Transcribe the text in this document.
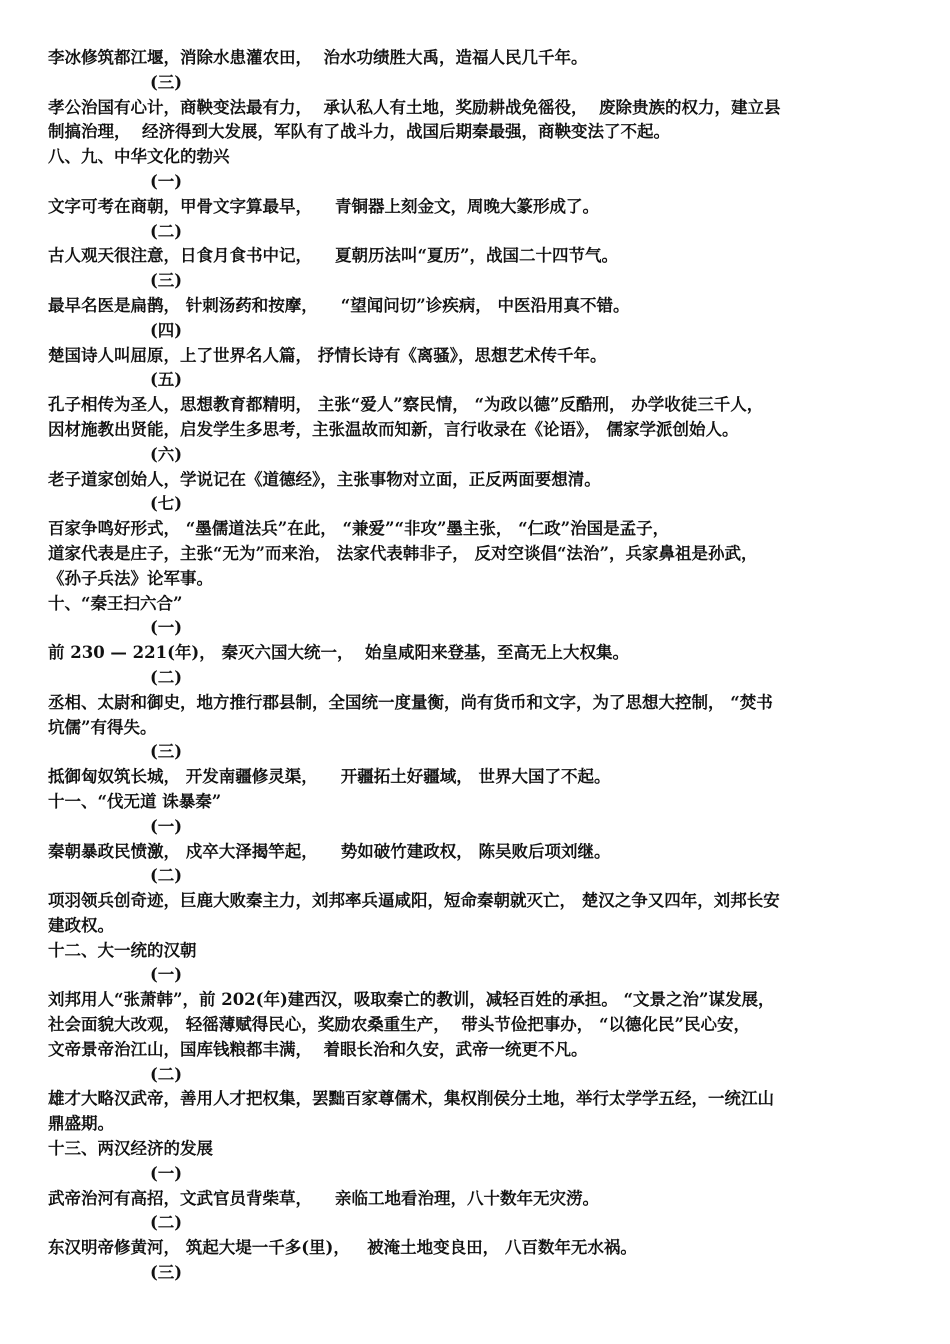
李冰修筑都江堰，消除水患灌农田，  治水功绩胜大禹，造福人民几千年。
(三)
孝公治国有心计，商鞅变法最有力，  承认私人有土地，奖励耕战免徭役，  废除贵族的权力，建立县
制搞治理，  经济得到大发展，军队有了战斗力，战国后期秦最强，商鞅变法了不起。
八、九、中华文化的勃兴
(一)
文字可考在商朝，甲骨文字算最早，    青铜器上刻金文，周晚大篆形成了。
(二)
古人观天很注意，日食月食书中记，    夏朝历法叫“夏历”，战国二十四节气。
(三)
最早名医是扁鹊， 针刺汤药和按摩，    “望闻问切”诊疾病， 中医沿用真不错。
(四)
楚国诗人叫屈原，上了世界名人篇， 抒情长诗有《离骚》，思想艺术传千年。
(五)
孔子相传为圣人，思想教育都精明， 主张“爱人”察民情， “为政以德”反酷刑， 办学收徒三千人，
因材施教出贤能，启发学生多思考，主张温故而知新，言行收录在《论语》， 儒家学派创始人。
(六)
老子道家创始人，学说记在《道德经》，主张事物对立面，正反两面要想清。
(七)
百家争鸣好形式， “墨儒道法兵”在此， “兼爱”“非攻”墨主张， “仁政”治国是孟子，
道家代表是庄子，主张“无为”而来治， 法家代表韩非子， 反对空谈倡“法治”，兵家鼻祖是孙武，
《孙子兵法》论军事。
十、“秦王扫六合”
(一)
前 230 — 221(年)， 秦灭六国大统一，  始皇咸阳来登基，至高无上大权集。
(二)
丞相、太尉和御史，地方推行郡县制，全国统一度量衡，尚有货币和文字，为了思想大控制， “焚书
坑儒”有得失。
(三)
抵御匈奴筑长城， 开发南疆修灵渠，    开疆拓土好疆域， 世界大国了不起。
十一、“伐无道 诛暴秦”
(一)
秦朝暴政民愤激， 戍卒大泽揭竿起，    势如破竹建政权， 陈吴败后项刘继。
(二)
项羽领兵创奇迹，巨鹿大败秦主力，刘邦率兵逼咸阳，短命秦朝就灭亡， 楚汉之争又四年，刘邦长安
建政权。
十二、大一统的汉朝
(一)
刘邦用人“张萧韩”，前 202(年)建西汉，吸取秦亡的教训，减轻百姓的承担。 “文景之治”谋发展，
社会面貌大改观， 轻徭薄赋得民心，奖励农桑重生产，  带头节俭把事办， “以德化民”民心安，
文帝景帝治江山，国库钱粮都丰满，  着眼长治和久安，武帝一统更不凡。
(二)
雄才大略汉武帝，善用人才把权集，罢黜百家尊儒术，集权削侯分土地，举行太学学五经，一统江山
鼎盛期。
十三、两汉经济的发展
(一)
武帝治河有高招，文武官员背柴草，    亲临工地看治理，八十数年无灾涝。
(二)
东汉明帝修黄河， 筑起大堤一千多(里)，   被淹土地变良田， 八百数年无水祸。
(三)
